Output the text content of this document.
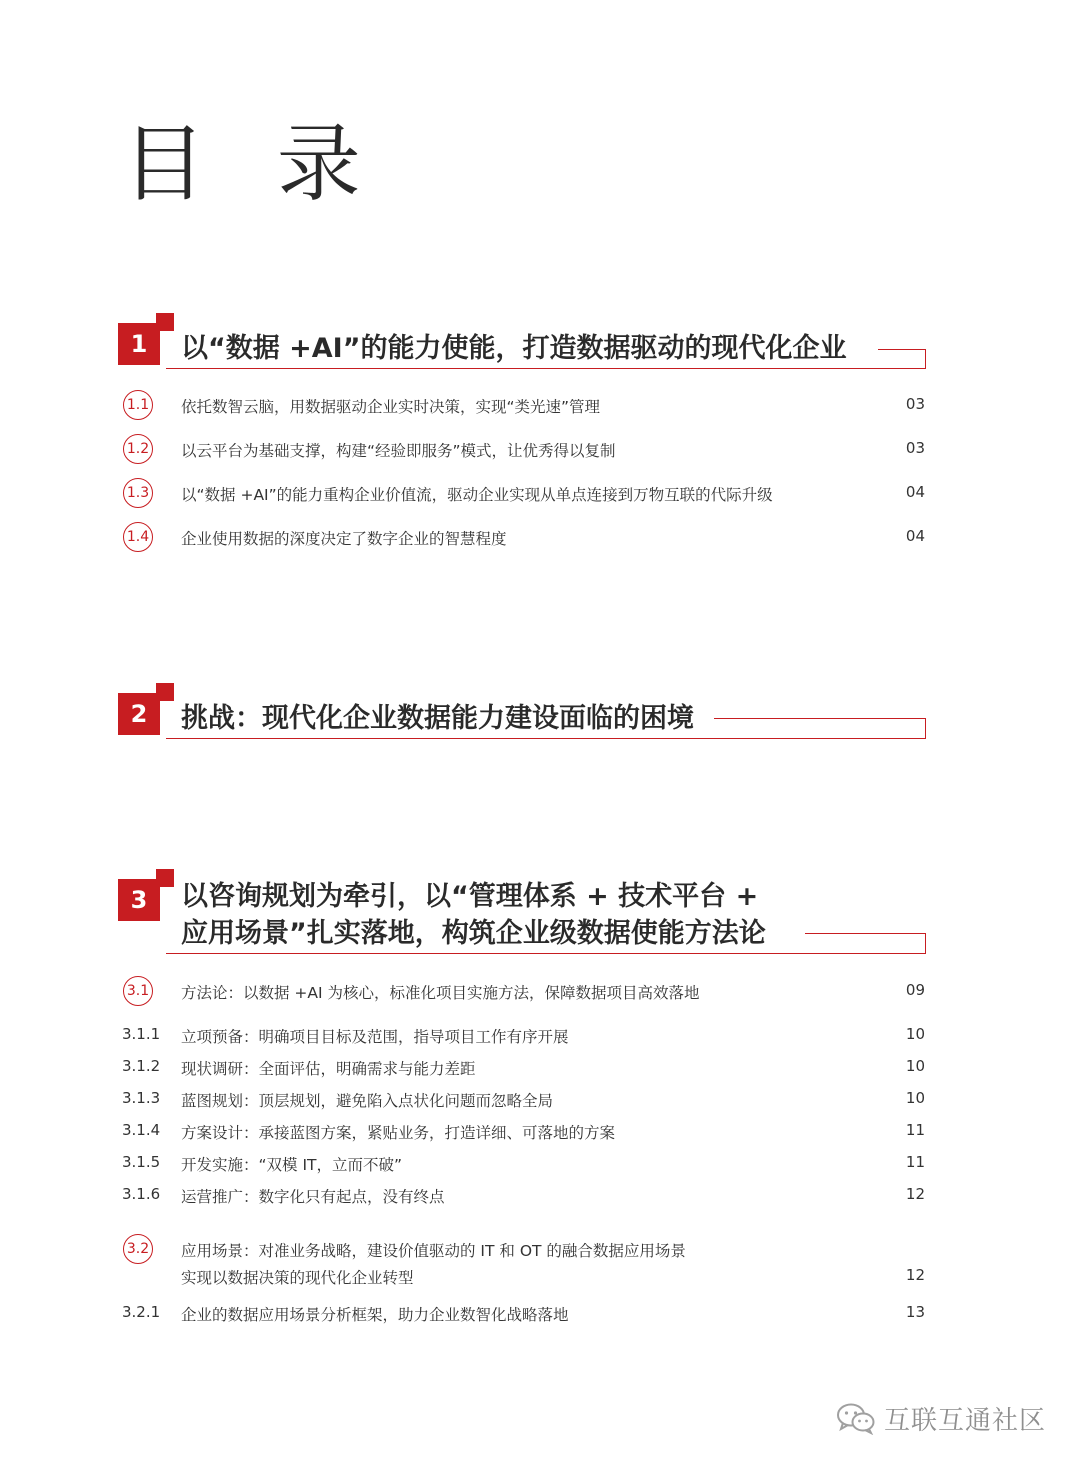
目 录
1	以“数据 +AI”的能力使能，打造数据驱动的现代化企业
1.1 依托数智云脑，用数据驱动企业实时决策，实现“类光速”管理	03
1.2 以云平台为基础支撑，构建“经验即服务”模式，让优秀得以复制	03
1.3 以“数据 +AI”的能力重构企业价值流，驱动企业实现从单点连接到万物互联的代际升级	04
1.4 企业使用数据的深度决定了数字企业的智慧程度	04
2	挑战：现代化企业数据能力建设面临的困境
3	以咨询规划为牵引，以“管理体系 + 技术平台 +
应用场景”扎实落地，构筑企业级数据使能方法论
3.1 方法论：以数据 +AI 为核心，标准化项目实施方法，保障数据项目高效落地	09
3.1.1 立项预备：明确项目目标及范围，指导项目工作有序开展	10
3.1.2 现状调研：全面评估，明确需求与能力差距	10
3.1.3 蓝图规划：顶层规划，避免陷入点状化问题而忽略全局	10
3.1.4 方案设计：承接蓝图方案，紧贴业务，打造详细、可落地的方案	11
3.1.5 开发实施：“双模 IT，立而不破”	11
3.1.6 运营推广：数字化只有起点，没有终点	12
3.2 应用场景：对准业务战略，建设价值驱动的 IT 和 OT 的融合数据应用场景
实现以数据决策的现代化企业转型	12
3.2.1 企业的数据应用场景分析框架，助力企业数智化战略落地	13
互联互通社区
